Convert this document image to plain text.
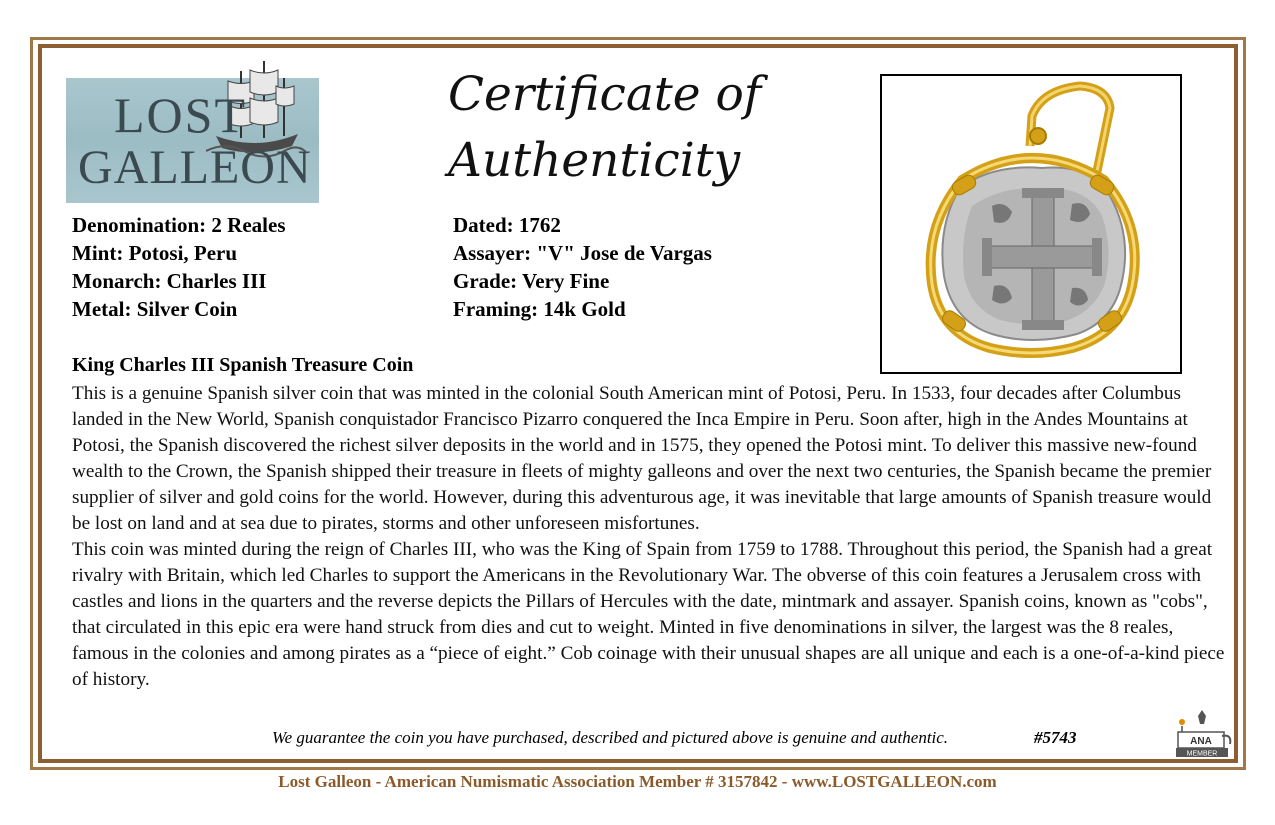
LOST
GALLEON
Certificate of
Authenticity
Denomination: 2 Reales
Mint: Potosi, Peru
Monarch: Charles III
Metal: Silver Coin
Dated: 1762
Assayer: "V" Jose de Vargas
Grade: Very Fine
Framing: 14k Gold
King Charles III Spanish Treasure Coin

This is a genuine Spanish silver coin that was minted in the colonial South American mint of Potosi, Peru. In 1533, four decades after Columbus landed in the New World, Spanish conquistador Francisco Pizarro conquered the Inca Empire in Peru. Soon after, high in the Andes Mountains at Potosi, the Spanish discovered the richest silver deposits in the world and in 1575, they opened the Potosi mint. To deliver this massive new-found wealth to the Crown, the Spanish shipped their treasure in fleets of mighty galleons and over the next two centuries, the Spanish became the premier supplier of silver and gold coins for the world. However, during this adventurous age, it was inevitable that large amounts of Spanish treasure would be lost on land and at sea due to pirates, storms and other unforeseen misfortunes.

This coin was minted during the reign of Charles III, who was the King of Spain from 1759 to 1788. Throughout this period, the Spanish had a great rivalry with Britain, which led Charles to support the Americans in the Revolutionary War. The obverse of this coin features a Jerusalem cross with castles and lions in the quarters and the reverse depicts the Pillars of Hercules with the date, mintmark and assayer. Spanish coins, known as "cobs", that circulated in this epic era were hand struck from dies and cut to weight. Minted in five denominations in silver, the largest was the 8 reales, famous in the colonies and among pirates as a “piece of eight.” Cob coinage with their unusual shapes are all unique and each is a one-of-a-kind piece of history.

We guarantee the coin you have purchased, described and pictured above is genuine and authentic.	#5743	ANA
MEMBER
Lost Galleon - American Numismatic Association Member # 3157842 - www.LOSTGALLEON.com
